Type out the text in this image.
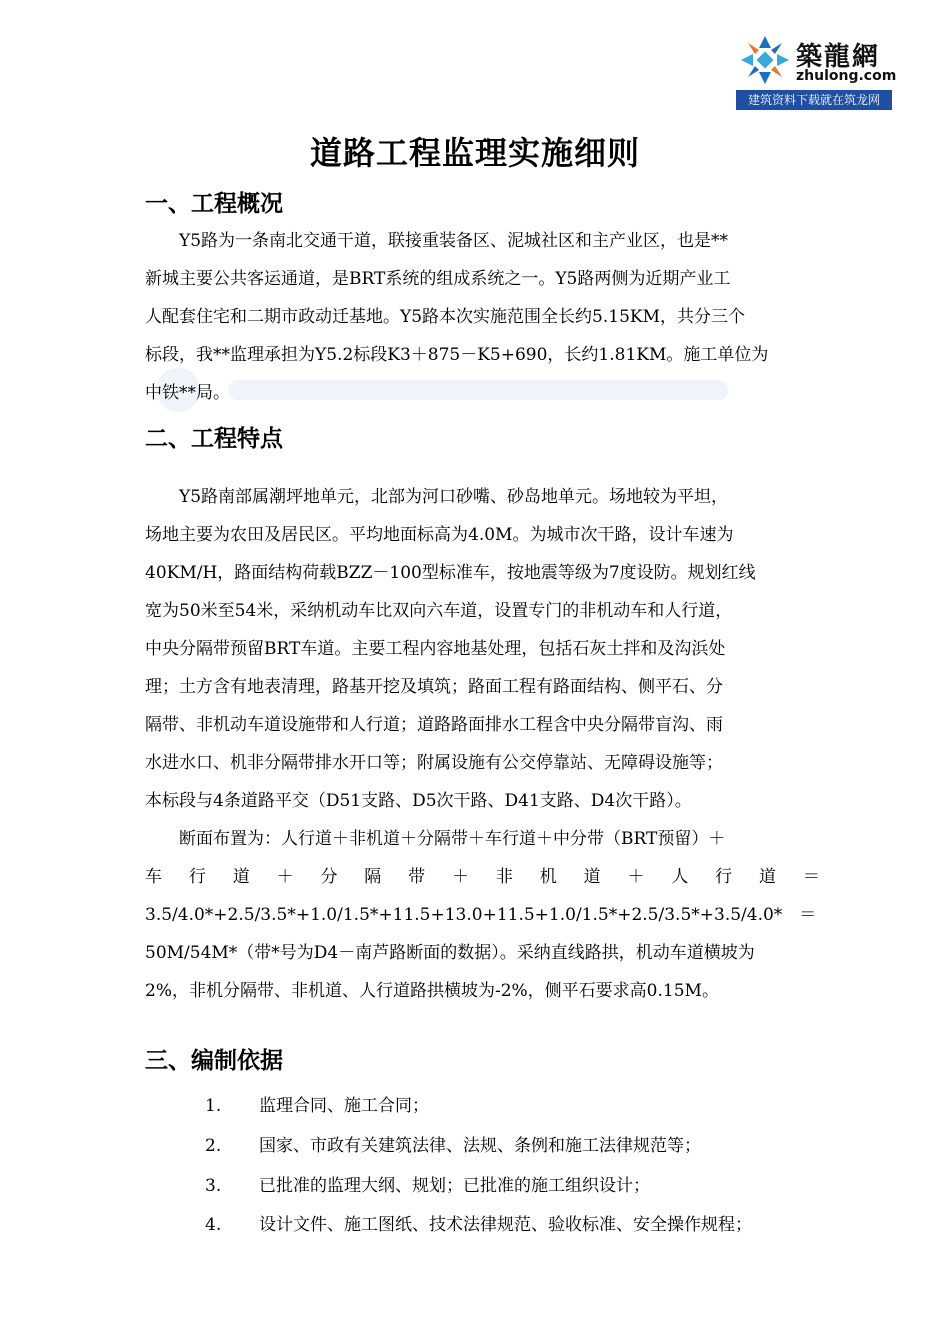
築龍網
zhulong.com
建筑资料下载就在筑龙网
道路工程监理实施细则
一、工程概况
Y5路为一条南北交通干道，联接重装备区、泥城社区和主产业区，也是**
新城主要公共客运通道，是BRT系统的组成系统之一。Y5路两侧为近期产业工
人配套住宅和二期市政动迁基地。Y5路本次实施范围全长约5.15KM，共分三个
标段，我**监理承担为Y5.2标段K3＋875－K5+690，长约1.81KM。施工单位为
中铁**局。
二、工程特点
Y5路南部属潮坪地单元，北部为河口砂嘴、砂岛地单元。场地较为平坦，
场地主要为农田及居民区。平均地面标高为4.0M。为城市次干路，设计车速为
40KM/H，路面结构荷载BZZ－100型标准车，按地震等级为7度设防。规划红线
宽为50米至54米，采纳机动车比双向六车道，设置专门的非机动车和人行道，
中央分隔带预留BRT车道。主要工程内容地基处理，包括石灰土拌和及沟浜处
理；土方含有地表清理，路基开挖及填筑；路面工程有路面结构、侧平石、分
隔带、非机动车道设施带和人行道；道路路面排水工程含中央分隔带盲沟、雨
水进水口、机非分隔带排水开口等；附属设施有公交停靠站、无障碍设施等；
本标段与4条道路平交（D51支路、D5次干路、D41支路、D4次干路）。
断面布置为：人行道＋非机道＋分隔带＋车行道＋中分带（BRT预留）＋
车 行 道 ＋ 分 隔 带 ＋ 非 机 道 ＋ 人 行 道 ＝
3.5/4.0*+2.5/3.5*+1.0/1.5*+11.5+13.0+11.5+1.0/1.5*+2.5/3.5*+3.5/4.0*　＝
50M/54M*（带*号为D4－南芦路断面的数据）。采纳直线路拱，机动车道横坡为
2%，非机分隔带、非机道、人行道路拱横坡为-2%，侧平石要求高0.15M。
三、编制依据
1. 监理合同、施工合同；
2. 国家、市政有关建筑法律、法规、条例和施工法律规范等；
3. 已批准的监理大纲、规划；已批准的施工组织设计；
4. 设计文件、施工图纸、技术法律规范、验收标准、安全操作规程；
